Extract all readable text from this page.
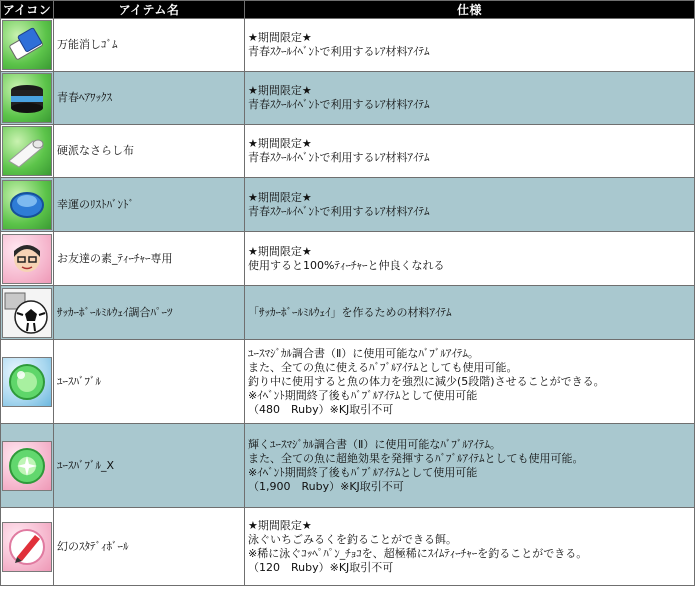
アイコン	アイテム名	仕様

	万能消しｺﾞﾑ	★期間限定★
青春ｽｸｰﾙｲﾍﾞﾝﾄで利用するﾚｱ材料ｱｲﾃﾑ

	青春ﾍｱﾜｯｸｽ	★期間限定★
青春ｽｸｰﾙｲﾍﾞﾝﾄで利用するﾚｱ材料ｱｲﾃﾑ

	硬派なさらし布	★期間限定★
青春ｽｸｰﾙｲﾍﾞﾝﾄで利用するﾚｱ材料ｱｲﾃﾑ

	幸運のﾘｽﾄﾊﾞﾝﾄﾞ	★期間限定★
青春ｽｸｰﾙｲﾍﾞﾝﾄで利用するﾚｱ材料ｱｲﾃﾑ

	お友達の素_ﾃｨｰﾁｬｰ専用	★期間限定★
使用すると100%ﾃｨｰﾁｬｰと仲良くなれる

	ｻｯｶｰﾎﾞｰﾙﾐﾙｳｪｲ調合ﾊﾟｰﾂ	「ｻｯｶｰﾎﾞｰﾙﾐﾙｳｪｲ」を作るための材料ｱｲﾃﾑ

	ﾕｰｽﾊﾞﾌﾞﾙ	ﾕｰｽﾏｼﾞｶﾙ調合書（Ⅱ）に使用可能なﾊﾞﾌﾞﾙｱｲﾃﾑ。
また、全ての魚に使えるﾊﾞﾌﾞﾙｱｲﾃﾑとしても使用可能。
釣り中に使用すると魚の体力を強烈に減少(5段階)させることができる。
※ｲﾍﾞﾝﾄ期間終了後もﾊﾞﾌﾞﾙｱｲﾃﾑとして使用可能
（480　Ruby）※KJ取引不可

	ﾕｰｽﾊﾞﾌﾞﾙ_X	輝くﾕｰｽﾏｼﾞｶﾙ調合書（Ⅱ）に使用可能なﾊﾞﾌﾞﾙｱｲﾃﾑ。
また、全ての魚に超絶効果を発揮するﾊﾞﾌﾞﾙｱｲﾃﾑとしても使用可能。
※ｲﾍﾞﾝﾄ期間終了後もﾊﾞﾌﾞﾙｱｲﾃﾑとして使用可能
（1,900　Ruby）※KJ取引不可

	幻のｽﾀﾃﾞｨﾎﾞｰﾙ	★期間限定★
泳ぐいちごみるくを釣ることができる餌。
※稀に泳ぐｺｯﾍﾟﾊﾟﾝ_ﾁｮｺを、超極稀にｽｲﾑﾃｨｰﾁｬｰを釣ることができる。
（120　Ruby）※KJ取引不可
